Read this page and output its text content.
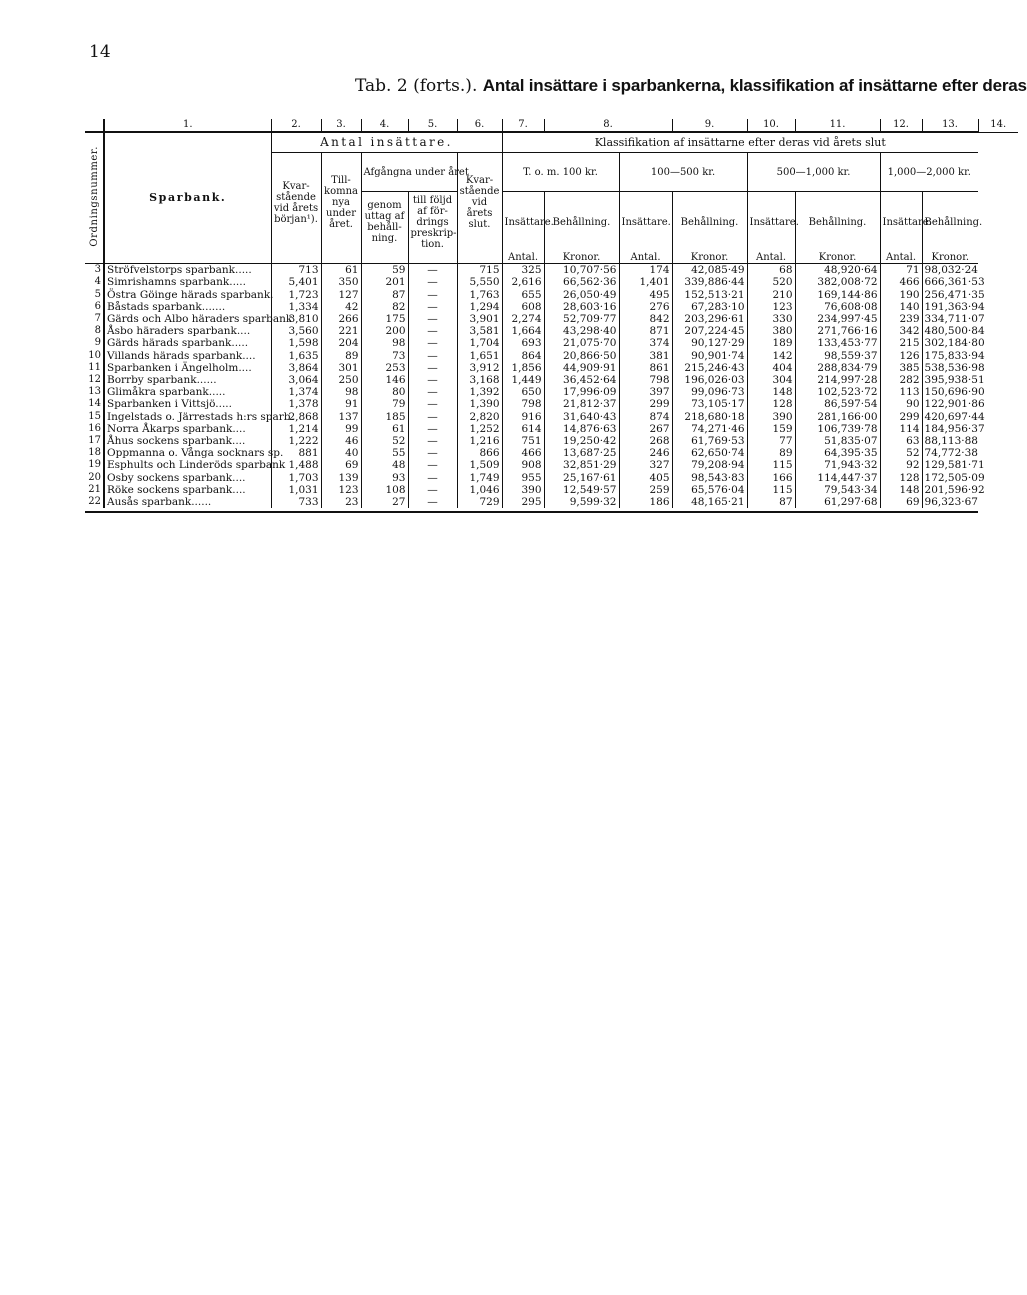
14
Tab. 2 (forts.). Antal insättare i sparbankerna, klassifikation af insättarne efter deras
	1.	2.	3.	4.	5.	6.	7.	8.		9.	10.	11.	12.	13.	14.

Ordningsnummer.	Sparbank.	Antal insättare.					Klassifikation af insättarne efter deras vid årets slut								
		Kvar- stående vid årets början¹).	Till- komna nya under året.	Afgångna under året		Kvar- stående vid årets slut.	T. o. m. 100 kr.		100—500 kr.		500—1,000 kr.		1,000—2,000 kr.		
				genom uttag af behåll- ning.	till följd af för- drings preskrip- tion.		Insättare.	Behållning.	Insättare.	Behållning.	Insättare.	Behållning.	Insättare.	Behållning.	
							Antal.	Kronor.	Antal.	Kronor.	Antal.	Kronor.	Antal.	Kronor.	
3	Ströfvelstorps sparbank.....	713	61	59	—	715	325	10,707·56	174	42,085·49	68	48,920·64	71	98,032·24	
4	Simrishamns sparbank.....	5,401	350	201	—	5,550	2,616	66,562·36	1,401	339,886·44	520	382,008·72	466	666,361·53	
5	Östra Göinge härads sparbank.	1,723	127	87	—	1,763	655	26,050·49	495	152,513·21	210	169,144·86	190	256,471·35	
6	Båstads sparbank.......	1,334	42	82	—	1,294	608	28,603·16	276	67,283·10	123	76,608·08	140	191,363·94	
7	Gärds och Albo häraders sparbank	3,810	266	175	—	3,901	2,274	52,709·77	842	203,296·61	330	234,997·45	239	334,711·07	
8	Åsbo häraders sparbank....	3,560	221	200	—	3,581	1,664	43,298·40	871	207,224·45	380	271,766·16	342	480,500·84	
9	Gärds härads sparbank.....	1,598	204	98	—	1,704	693	21,075·70	374	90,127·29	189	133,453·77	215	302,184·80	
10	Villands härads sparbank....	1,635	89	73	—	1,651	864	20,866·50	381	90,901·74	142	98,559·37	126	175,833·94	
11	Sparbanken i Ängelholm....	3,864	301	253	—	3,912	1,856	44,909·91	861	215,246·43	404	288,834·79	385	538,536·98	
12	Borrby sparbank......	3,064	250	146	—	3,168	1,449	36,452·64	798	196,026·03	304	214,997·28	282	395,938·51	
13	Glimåkra sparbank.....	1,374	98	80	—	1,392	650	17,996·09	397	99,096·73	148	102,523·72	113	150,696·90	
14	Sparbanken i Vittsjö.....	1,378	91	79	—	1,390	798	21,812·37	299	73,105·17	128	86,597·54	90	122,901·86	
15	Ingelstads o. Järrestads h:rs sparb.	2,868	137	185	—	2,820	916	31,640·43	874	218,680·18	390	281,166·00	299	420,697·44	
16	Norra Åkarps sparbank....	1,214	99	61	—	1,252	614	14,876·63	267	74,271·46	159	106,739·78	114	184,956·37	
17	Åhus sockens sparbank....	1,222	46	52	—	1,216	751	19,250·42	268	61,769·53	77	51,835·07	63	88,113·88	
18	Oppmanna o. Vånga socknars sp.	881	40	55	—	866	466	13,687·25	246	62,650·74	89	64,395·35	52	74,772·38	
19	Esphults och Linderöds sparbank	1,488	69	48	—	1,509	908	32,851·29	327	79,208·94	115	71,943·32	92	129,581·71	
20	Osby sockens sparbank....	1,703	139	93	—	1,749	955	25,167·61	405	98,543·83	166	114,447·37	128	172,505·09	
21	Röke sockens sparbank....	1,031	123	108	—	1,046	390	12,549·57	259	65,576·04	115	79,543·34	148	201,596·92	
22	Ausås sparbank......	733	23	27	—	729	295	9,599·32	186	48,165·21	87	61,297·68	69	96,323·67	
